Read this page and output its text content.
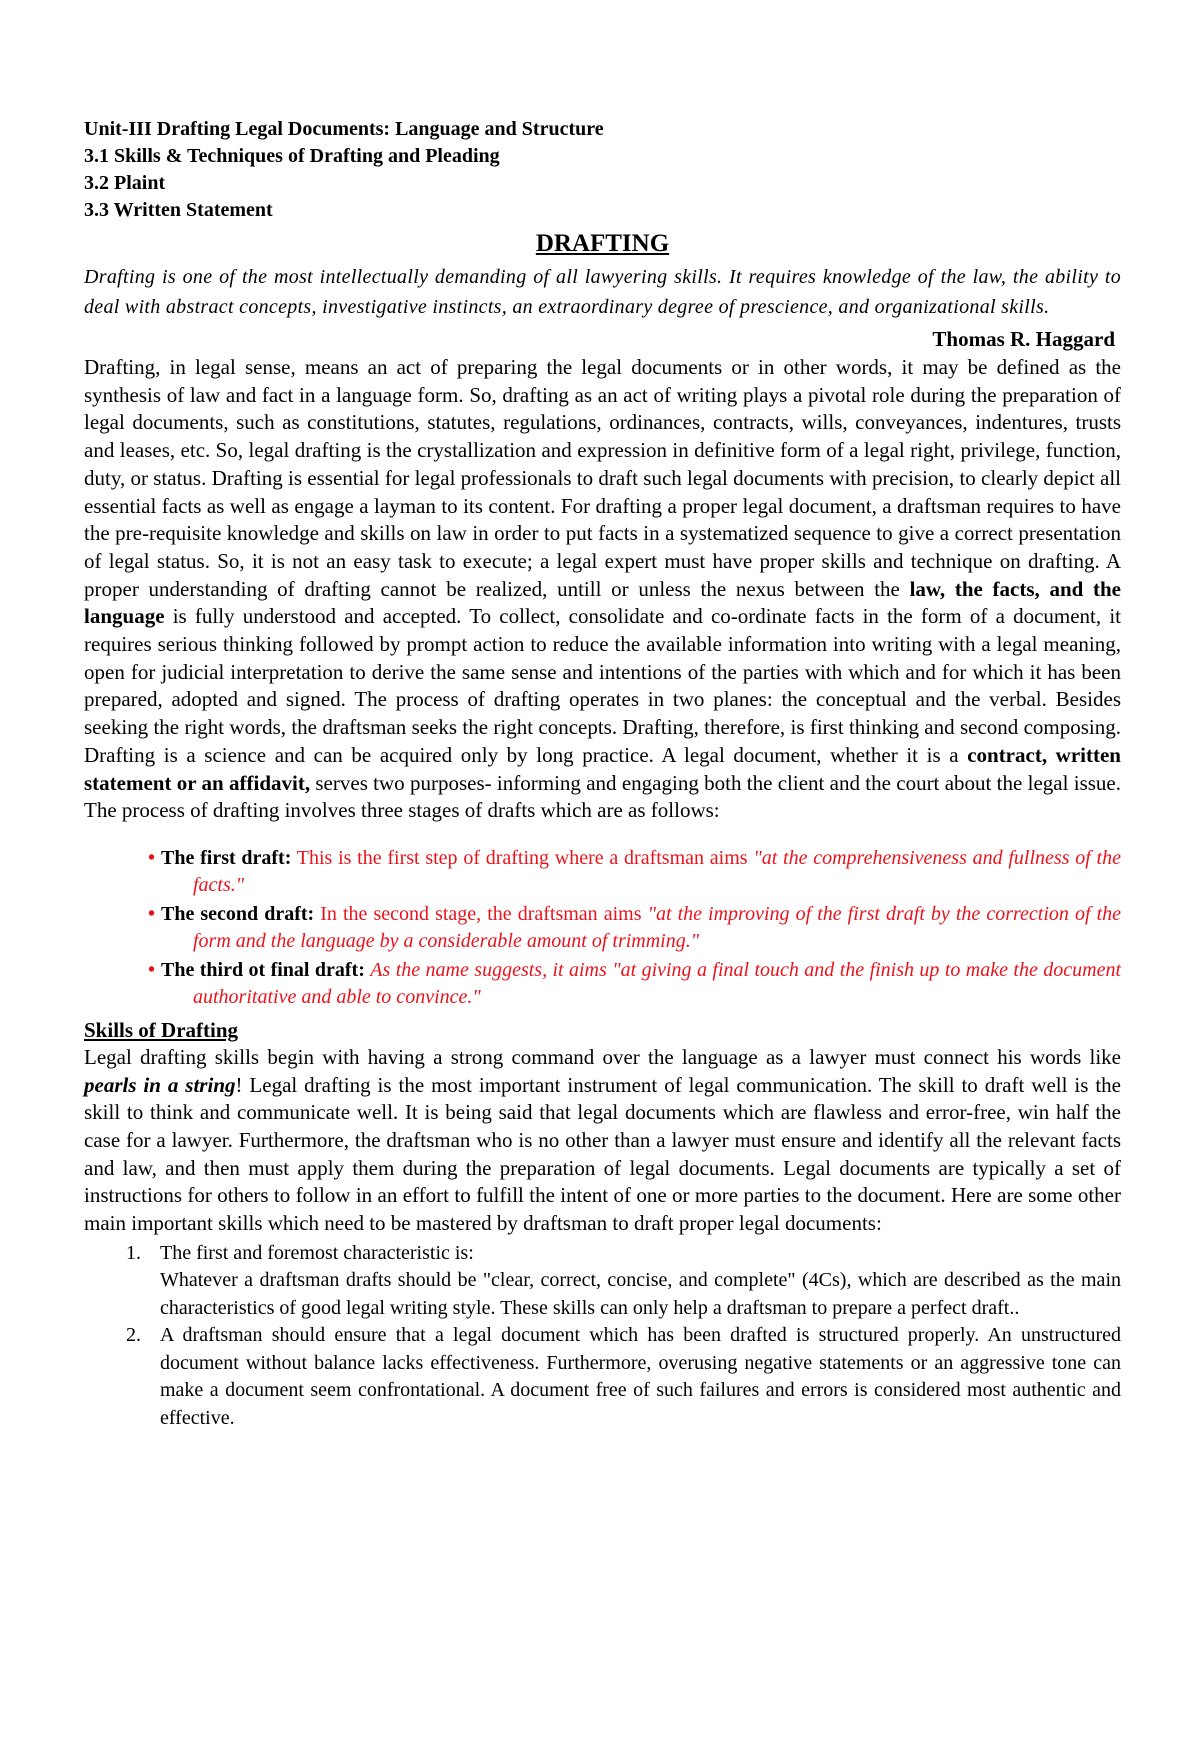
Unit-III Drafting Legal Documents: Language and Structure

3.1 Skills & Techniques of Drafting and Pleading

3.2 Plaint

3.3 Written Statement

DRAFTING

Drafting is one of the most intellectually demanding of all lawyering skills. It requires knowledge of the law, the ability to deal with abstract concepts, investigative instincts, an extraordinary degree of prescience, and organizational skills.

Thomas R. Haggard

Drafting, in legal sense, means an act of preparing the legal documents or in other words, it may be defined as the synthesis of law and fact in a language form. So, drafting as an act of writing plays a pivotal role during the preparation of legal documents, such as constitutions, statutes, regulations, ordinances, contracts, wills, conveyances, indentures, trusts and leases, etc. So, legal drafting is the crystallization and expression in definitive form of a legal right, privilege, function, duty, or status. Drafting is essential for legal professionals to draft such legal documents with precision, to clearly depict all essential facts as well as engage a layman to its content. For drafting a proper legal document, a draftsman requires to have the pre-requisite knowledge and skills on law in order to put facts in a systematized sequence to give a correct presentation of legal status. So, it is not an easy task to execute; a legal expert must have proper skills and technique on drafting. A proper understanding of drafting cannot be realized, untill or unless the nexus between the law, the facts, and the language is fully understood and accepted. To collect, consolidate and co-ordinate facts in the form of a document, it requires serious thinking followed by prompt action to reduce the available information into writing with a legal meaning, open for judicial interpretation to derive the same sense and intentions of the parties with which and for which it has been prepared, adopted and signed. The process of drafting operates in two planes: the conceptual and the verbal. Besides seeking the right words, the draftsman seeks the right concepts. Drafting, therefore, is first thinking and second composing. Drafting is a science and can be acquired only by long practice. A legal document, whether it is a contract, written statement or an affidavit, serves two purposes- informing and engaging both the client and the court about the legal issue. The process of drafting involves three stages of drafts which are as follows:

• The first draft: This is the first step of drafting where a draftsman aims "at the comprehensiveness and fullness of the facts."
• The second draft: In the second stage, the draftsman aims "at the improving of the first draft by the correction of the form and the language by a considerable amount of trimming."
• The third ot final draft: As the name suggests, it aims "at giving a final touch and the finish up to make the document authoritative and able to convince."

Skills of Drafting

Legal drafting skills begin with having a strong command over the language as a lawyer must connect his words like pearls in a string! Legal drafting is the most important instrument of legal communication. The skill to draft well is the skill to think and communicate well. It is being said that legal documents which are flawless and error-free, win half the case for a lawyer. Furthermore, the draftsman who is no other than a lawyer must ensure and identify all the relevant facts and law, and then must apply them during the preparation of legal documents. Legal documents are typically a set of instructions for others to follow in an effort to fulfill the intent of one or more parties to the document. Here are some other main important skills which need to be mastered by draftsman to draft proper legal documents:

1. The first and foremost characteristic is:
Whatever a draftsman drafts should be "clear, correct, concise, and complete" (4Cs), which are described as the main characteristics of good legal writing style. These skills can only help a draftsman to prepare a perfect draft..
2. A draftsman should ensure that a legal document which has been drafted is structured properly. An unstructured document without balance lacks effectiveness. Furthermore, overusing negative statements or an aggressive tone can make a document seem confrontational. A document free of such failures and errors is considered most authentic and effective.
